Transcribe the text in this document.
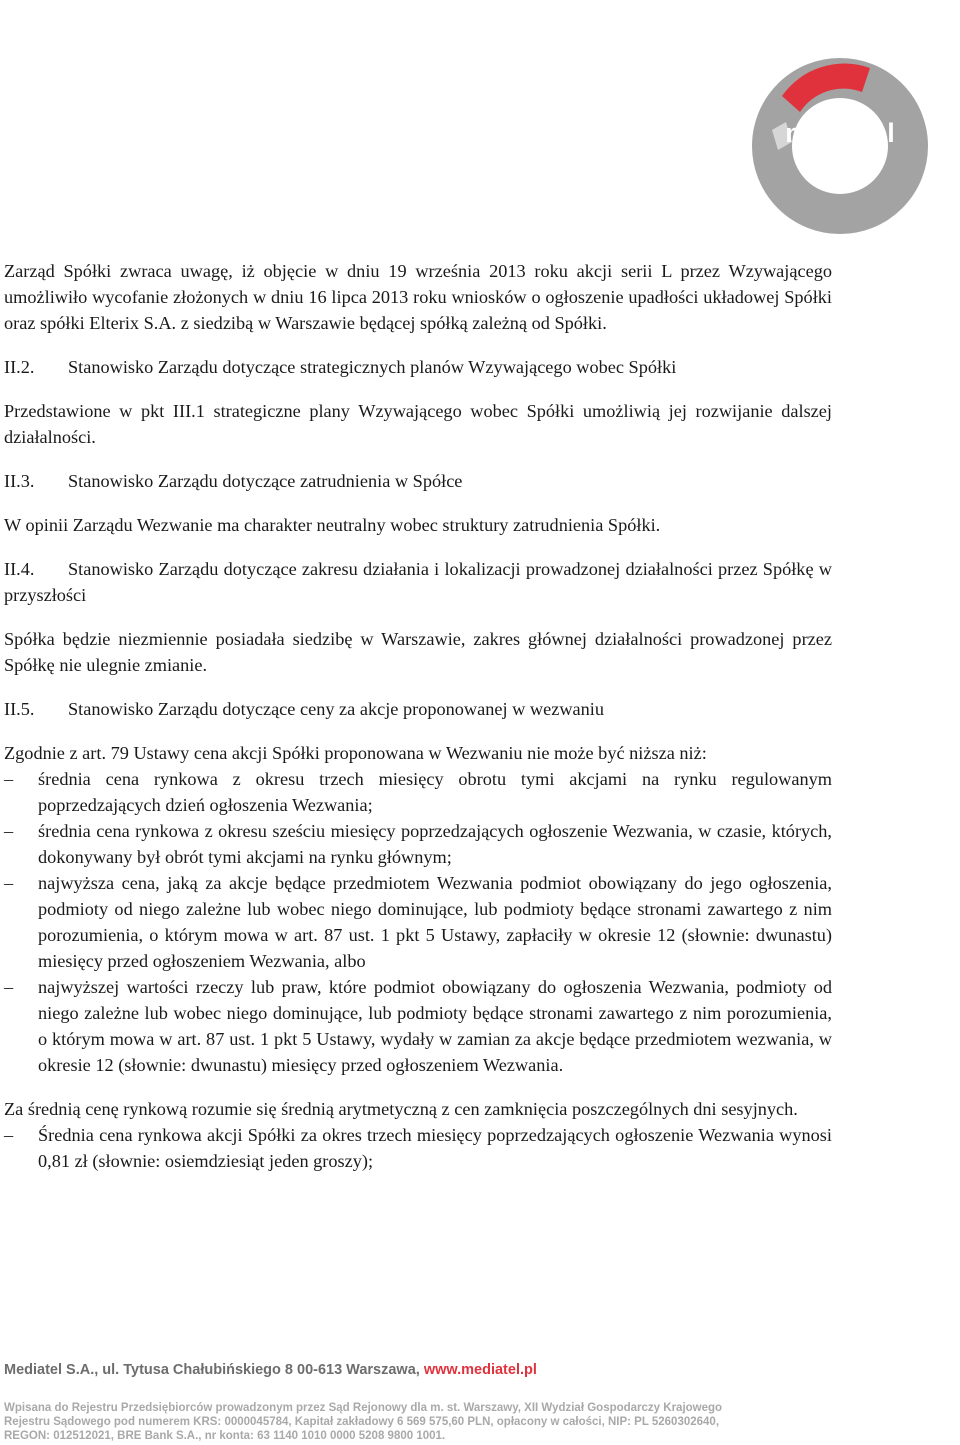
mediatel
group

Zarząd Spółki zwraca uwagę, iż objęcie w dniu 19 września 2013 roku akcji serii L przez Wzywającego umożliwiło wycofanie złożonych w dniu 16 lipca 2013 roku wniosków o ogłoszenie upadłości układowej Spółki oraz spółki Elterix S.A. z siedzibą w Warszawie będącej spółką zależną od Spółki.

II.2.	Stanowisko Zarządu dotyczące strategicznych planów Wzywającego wobec Spółki

Przedstawione w pkt III.1 strategiczne plany Wzywającego wobec Spółki umożliwią jej rozwijanie dalszej działalności.

II.3.	Stanowisko Zarządu dotyczące zatrudnienia w Spółce

W opinii Zarządu Wezwanie ma charakter neutralny wobec struktury zatrudnienia Spółki.

II.4. Stanowisko Zarządu dotyczące zakresu działania i lokalizacji prowadzonej działalności przez Spółkę w przyszłości

Spółka będzie niezmiennie posiadała siedzibę w Warszawie, zakres głównej działalności prowadzonej przez Spółkę nie ulegnie zmianie.

II.5.	Stanowisko Zarządu dotyczące ceny za akcje proponowanej w wezwaniu

Zgodnie z art. 79 Ustawy cena akcji Spółki proponowana w Wezwaniu nie może być niższa niż:

– średnia cena rynkowa z okresu trzech miesięcy obrotu tymi akcjami na rynku regulowanym poprzedzających dzień ogłoszenia Wezwania;
– średnia cena rynkowa z okresu sześciu miesięcy poprzedzających ogłoszenie Wezwania, w czasie, których, dokonywany był obrót tymi akcjami na rynku głównym;
– najwyższa cena, jaką za akcje będące przedmiotem Wezwania podmiot obowiązany do jego ogłoszenia, podmioty od niego zależne lub wobec niego dominujące, lub podmioty będące stronami zawartego z nim porozumienia, o którym mowa w art. 87 ust. 1 pkt 5 Ustawy, zapłaciły w okresie 12 (słownie: dwunastu) miesięcy przed ogłoszeniem Wezwania, albo
– najwyższej wartości rzeczy lub praw, które podmiot obowiązany do ogłoszenia Wezwania, podmioty od niego zależne lub wobec niego dominujące, lub podmioty będące stronami zawartego z nim porozumienia, o którym mowa w art. 87 ust. 1 pkt 5 Ustawy, wydały w zamian za akcje będące przedmiotem wezwania, w okresie 12 (słownie: dwunastu) miesięcy przed ogłoszeniem Wezwania.

Za średnią cenę rynkową rozumie się średnią arytmetyczną z cen zamknięcia poszczególnych dni sesyjnych.

– Średnia cena rynkowa akcji Spółki za okres trzech miesięcy poprzedzających ogłoszenie Wezwania wynosi 0,81 zł (słownie: osiemdziesiąt jeden groszy);
Mediatel S.A., ul. Tytusa Chałubińskiego 8 00-613 Warszawa, www.mediatel.pl
Wpisana do Rejestru Przedsiębiorców prowadzonym przez Sąd Rejonowy dla m. st. Warszawy, XII Wydział Gospodarczy Krajowego
Rejestru Sądowego pod numerem KRS: 0000045784, Kapitał zakładowy 6 569 575,60 PLN, opłacony w całości, NIP: PL 5260302640,
REGON: 012512021, BRE Bank S.A., nr konta: 63 1140 1010 0000 5208 9800 1001.
